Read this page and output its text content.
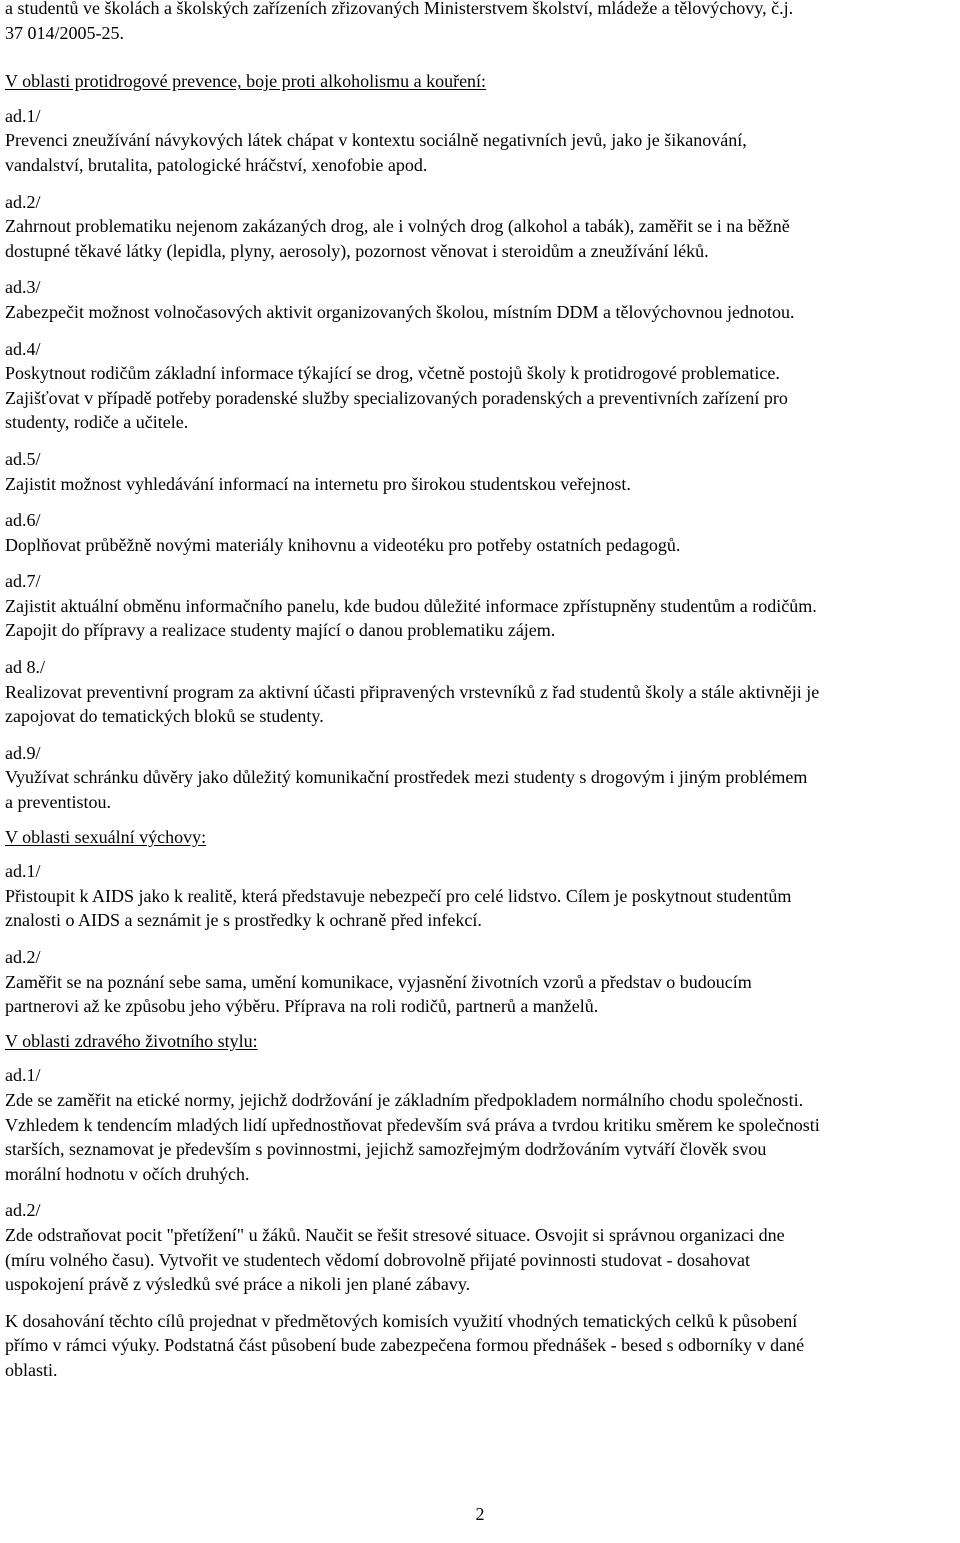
a studentů ve školách a školských zařízeních zřizovaných Ministerstvem školství, mládeže a tělovýchovy, č.j.
37 014/2005-25.

V oblasti protidrogové prevence, boje proti alkoholismu a kouření:

ad.1/

Prevenci zneužívání návykových látek chápat v kontextu sociálně negativních jevů, jako je šikanování,
vandalství, brutalita, patologické hráčství, xenofobie apod.

ad.2/

Zahrnout problematiku nejenom zakázaných drog, ale i volných drog (alkohol a tabák), zaměřit se i na běžně
dostupné těkavé látky (lepidla, plyny, aerosoly), pozornost věnovat i steroidům a zneužívání léků.

ad.3/

Zabezpečit možnost volnočasových aktivit organizovaných školou, místním DDM a tělovýchovnou jednotou.

ad.4/

Poskytnout rodičům základní informace týkající se drog, včetně postojů školy k protidrogové problematice.
Zajišťovat v případě potřeby poradenské služby specializovaných poradenských a preventivních zařízení pro
studenty, rodiče a učitele.

ad.5/

Zajistit možnost vyhledávání informací na internetu pro širokou studentskou veřejnost.

ad.6/

Doplňovat průběžně novými materiály knihovnu a videotéku pro potřeby ostatních pedagogů.

ad.7/

Zajistit aktuální obměnu informačního panelu, kde budou důležité informace zpřístupněny studentům a rodičům.
Zapojit do přípravy a realizace studenty mající o danou problematiku zájem.

ad 8./

Realizovat preventivní program za aktivní účasti připravených vrstevníků z řad studentů školy a stále aktivněji je
zapojovat do tematických bloků se studenty.

ad.9/

Využívat schránku důvěry jako důležitý komunikační prostředek mezi studenty s drogovým i jiným problémem
a preventistou.

V oblasti sexuální výchovy:

ad.1/

Přistoupit k AIDS jako k realitě, která představuje nebezpečí pro celé lidstvo. Cílem je poskytnout studentům
znalosti o AIDS a seznámit je s prostředky k ochraně před infekcí.

ad.2/

Zaměřit se na poznání sebe sama, umění komunikace, vyjasnění životních vzorů a představ o budoucím
partnerovi až ke způsobu jeho výběru. Příprava na roli rodičů, partnerů a manželů.

V oblasti zdravého životního stylu:

ad.1/

Zde se zaměřit na etické normy, jejichž dodržování je základním předpokladem normálního chodu společnosti.
Vzhledem k tendencím mladých lidí upřednostňovat především svá práva a tvrdou kritiku směrem ke společnosti
starších, seznamovat je především s povinnostmi, jejichž samozřejmým dodržováním vytváří člověk svou
morální hodnotu v očích druhých.

ad.2/

Zde odstraňovat pocit "přetížení" u žáků. Naučit se řešit stresové situace. Osvojit si správnou organizaci dne
(míru volného času). Vytvořit ve studentech vědomí dobrovolně přijaté povinnosti studovat - dosahovat
uspokojení právě z výsledků své práce a nikoli jen plané zábavy.

K dosahování těchto cílů projednat v předmětových komisích využití vhodných tematických celků k působení
přímo v rámci výuky. Podstatná část působení bude zabezpečena formou přednášek - besed s odborníky v dané
oblasti.

2
